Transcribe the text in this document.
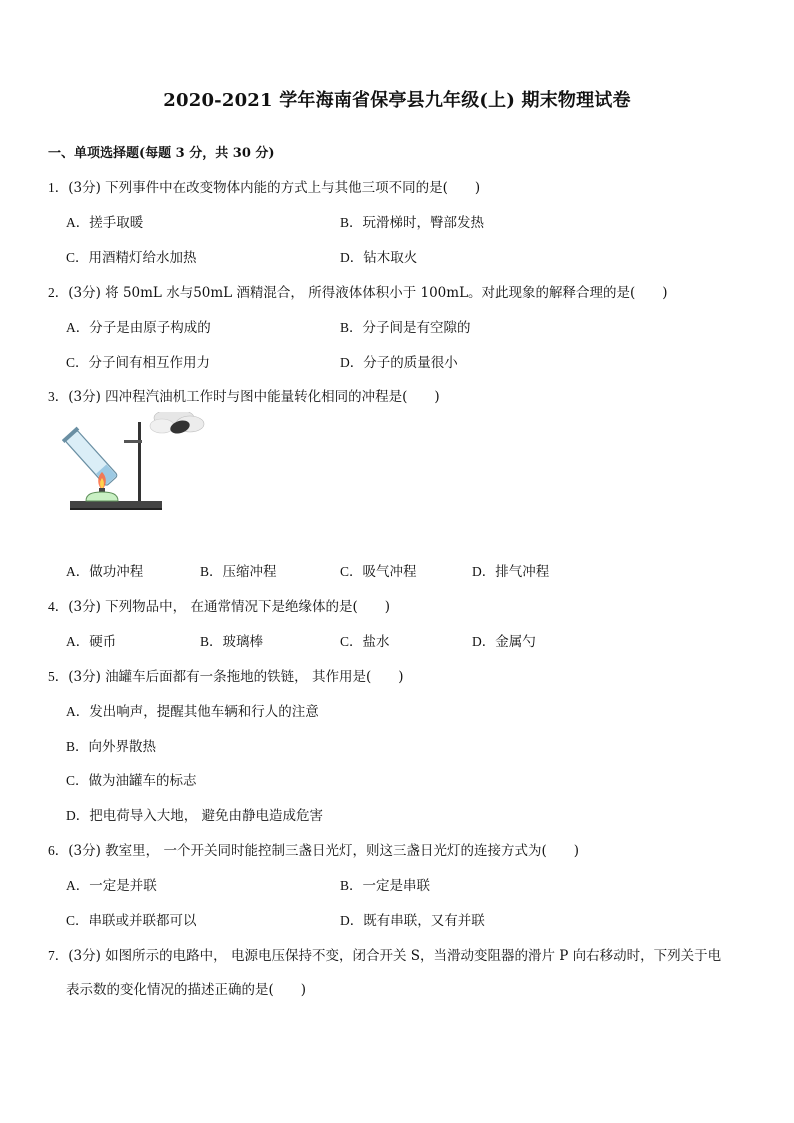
2020-2021 学年海南省保亭县九年级(上) 期末物理试卷
一、单项选择题(每题 3 分，共 30 分)
1．(3分) 下列事件中在改变物体内能的方式上与其他三项不同的是(　　)
A．搓手取暖	B．玩滑梯时，臀部发热
C．用酒精灯给水加热	D．钻木取火
2．(3分) 将 50mL 水与50mL 酒精混合， 所得液体体积小于 100mL。对此现象的解释合理的是(　　)
A．分子是由原子构成的	B．分子间是有空隙的
C．分子间有相互作用力	D．分子的质量很小
3．(3分) 四冲程汽油机工作时与图中能量转化相同的冲程是(　　)
A．做功冲程	B．压缩冲程	C．吸气冲程	D．排气冲程
4．(3分) 下列物品中， 在通常情况下是绝缘体的是(　　)
A．硬币	B．玻璃棒	C．盐水	D．金属勺
5．(3分) 油罐车后面都有一条拖地的铁链， 其作用是(　　)
A．发出响声，提醒其他车辆和行人的注意
B．向外界散热
C．做为油罐车的标志
D．把电荷导入大地， 避免由静电造成危害
6．(3分) 教室里， 一个开关同时能控制三盏日光灯，则这三盏日光灯的连接方式为(　　)
A．一定是并联	B．一定是串联
C．串联或并联都可以	D．既有串联，又有并联
7．(3分) 如图所示的电路中， 电源电压保持不变，闭合开关 S，当滑动变阻器的滑片 P 向右移动时，下列关于电
表示数的变化情况的描述正确的是(　　)
